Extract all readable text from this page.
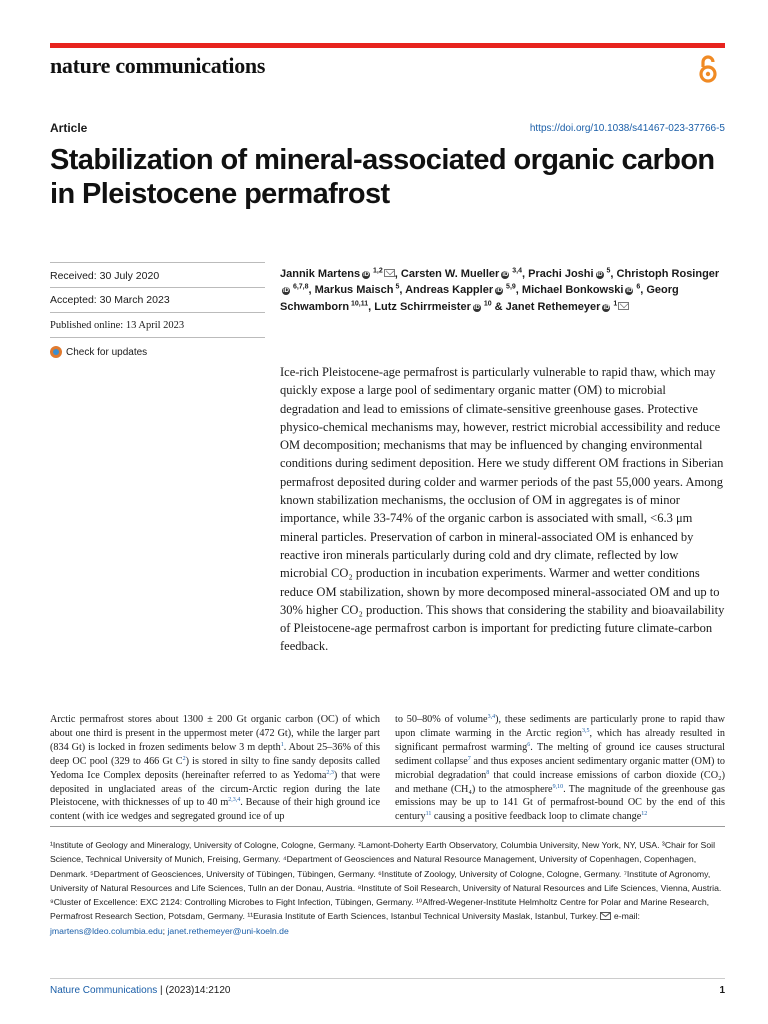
nature communications
Article	https://doi.org/10.1038/s41467-023-37766-5
Stabilization of mineral-associated organic carbon in Pleistocene permafrost
Received: 30 July 2020
Accepted: 30 March 2023
Published online: 13 April 2023
Check for updates
Jannik Martens iD $^{1,2}$ , Carsten W. Mueller iD $^{3,4}$, Prachi Joshi iD $^5$, Christoph RosingeriD $^{6,7,8}$, Markus Maisch $^5$, Andreas Kappler iD $^{5,9}$, Michael Bonkowski iD $^6$, Georg Schwamborn $^{10,11}$, Lutz Schirrmeister iD $^{10}$ & Janet Rethemeyer iD $^1$
Ice-rich Pleistocene-age permafrost is particularly vulnerable to rapid thaw, which may quickly expose a large pool of sedimentary organic matter (OM) to microbial degradation and lead to emissions of climate-sensitive greenhouse gases. Protective physico-chemical mechanisms may, however, restrict microbial accessibility and reduce OM decomposition; mechanisms that may be influenced by changing environmental conditions during sediment deposition. Here we study different OM fractions in Siberian permafrost deposited during colder and warmer periods of the past 55,000 years. Among known stabilization mechanisms, the occlusion of OM in aggregates is of minor importance, while 33-74% of the organic carbon is associated with small, <6.3 μm mineral particles. Preservation of carbon in mineral-associated OM is enhanced by reactive iron minerals particularly during cold and dry climate, reflected by low microbial CO₂ production in incubation experiments. Warmer and wetter conditions reduce OM stabilization, shown by more decomposed mineral-associated OM and up to 30% higher CO₂ production. This shows that considering the stability and bioavailability of Pleistocene-age permafrost carbon is important for predicting future climate-carbon feedback.
Arctic permafrost stores about 1300 ± 200 Gt organic carbon (OC) of which about one third is present in the uppermost meter (472 Gt), while the larger part (834 Gt) is locked in frozen sediments below 3 m depth$^1$. About 25–36% of this deep OC pool (329 to 466 Gt $C^2$) is stored in silty to fine sandy deposits called Yedoma Ice Complex deposits (hereinafter referred to as Yedoma$^{2,3}$) that were deposited in unglaciated areas of the circum-Arctic region during the late Pleistocene, with thicknesses of up to 40 $m^{2,3,4}$. Because of their high ground ice content (with ice wedges and segregated ground ice of up
to 50–80% of volume$^{3,4}$), these sediments are particularly prone to rapid thaw upon climate warming in the Arctic region$^{3,5}$, which has already resulted in significant permafrost warming$^6$. The melting of ground ice causes structural sediment collapse$^7$ and thus exposes ancient sedimentary organic matter (OM) to microbial degradation$^8$ that could increase emissions of carbon dioxide (CO₂) and methane (CH₄) to the atmosphere$^{9,10}$. The magnitude of the greenhouse gas emissions may be up to 141 Gt of permafrost-bound OC by the end of this century$^{11}$ causing a positive feedback loop to climate change$^{12}$
¹Institute of Geology and Mineralogy, University of Cologne, Cologne, Germany. ²Lamont-Doherty Earth Observatory, Columbia University, New York, NY, USA. ³Chair for Soil Science, Technical University of Munich, Freising, Germany. ⁴Department of Geosciences and Natural Resource Management, University of Copenhagen, Copenhagen, Denmark. ⁵Department of Geosciences, University of Tübingen, Tübingen, Germany. ⁶Institute of Zoology, University of Cologne, Cologne, Germany. ⁷Institute of Agronomy, University of Natural Resources and Life Sciences, Tulln an der Donau, Austria. ⁸Institute of Soil Research, University of Natural Resources and Life Sciences, Vienna, Austria. ⁹Cluster of Excellence: EXC 2124: Controlling Microbes to Fight Infection, Tübingen, Germany. ¹⁰Alfred-Wegener-Institute Helmholtz Centre for Polar and Marine Research, Permafrost Research Section, Potsdam, Germany. ¹¹Eurasia Institute of Earth Sciences, Istanbul Technical University Maslak, Istanbul, Turkey. e-mail: jmartens@ldeo.columbia.edu; janet.rethemeyer@uni-koeln.de
Nature Communications | (2023)14:2120	1
